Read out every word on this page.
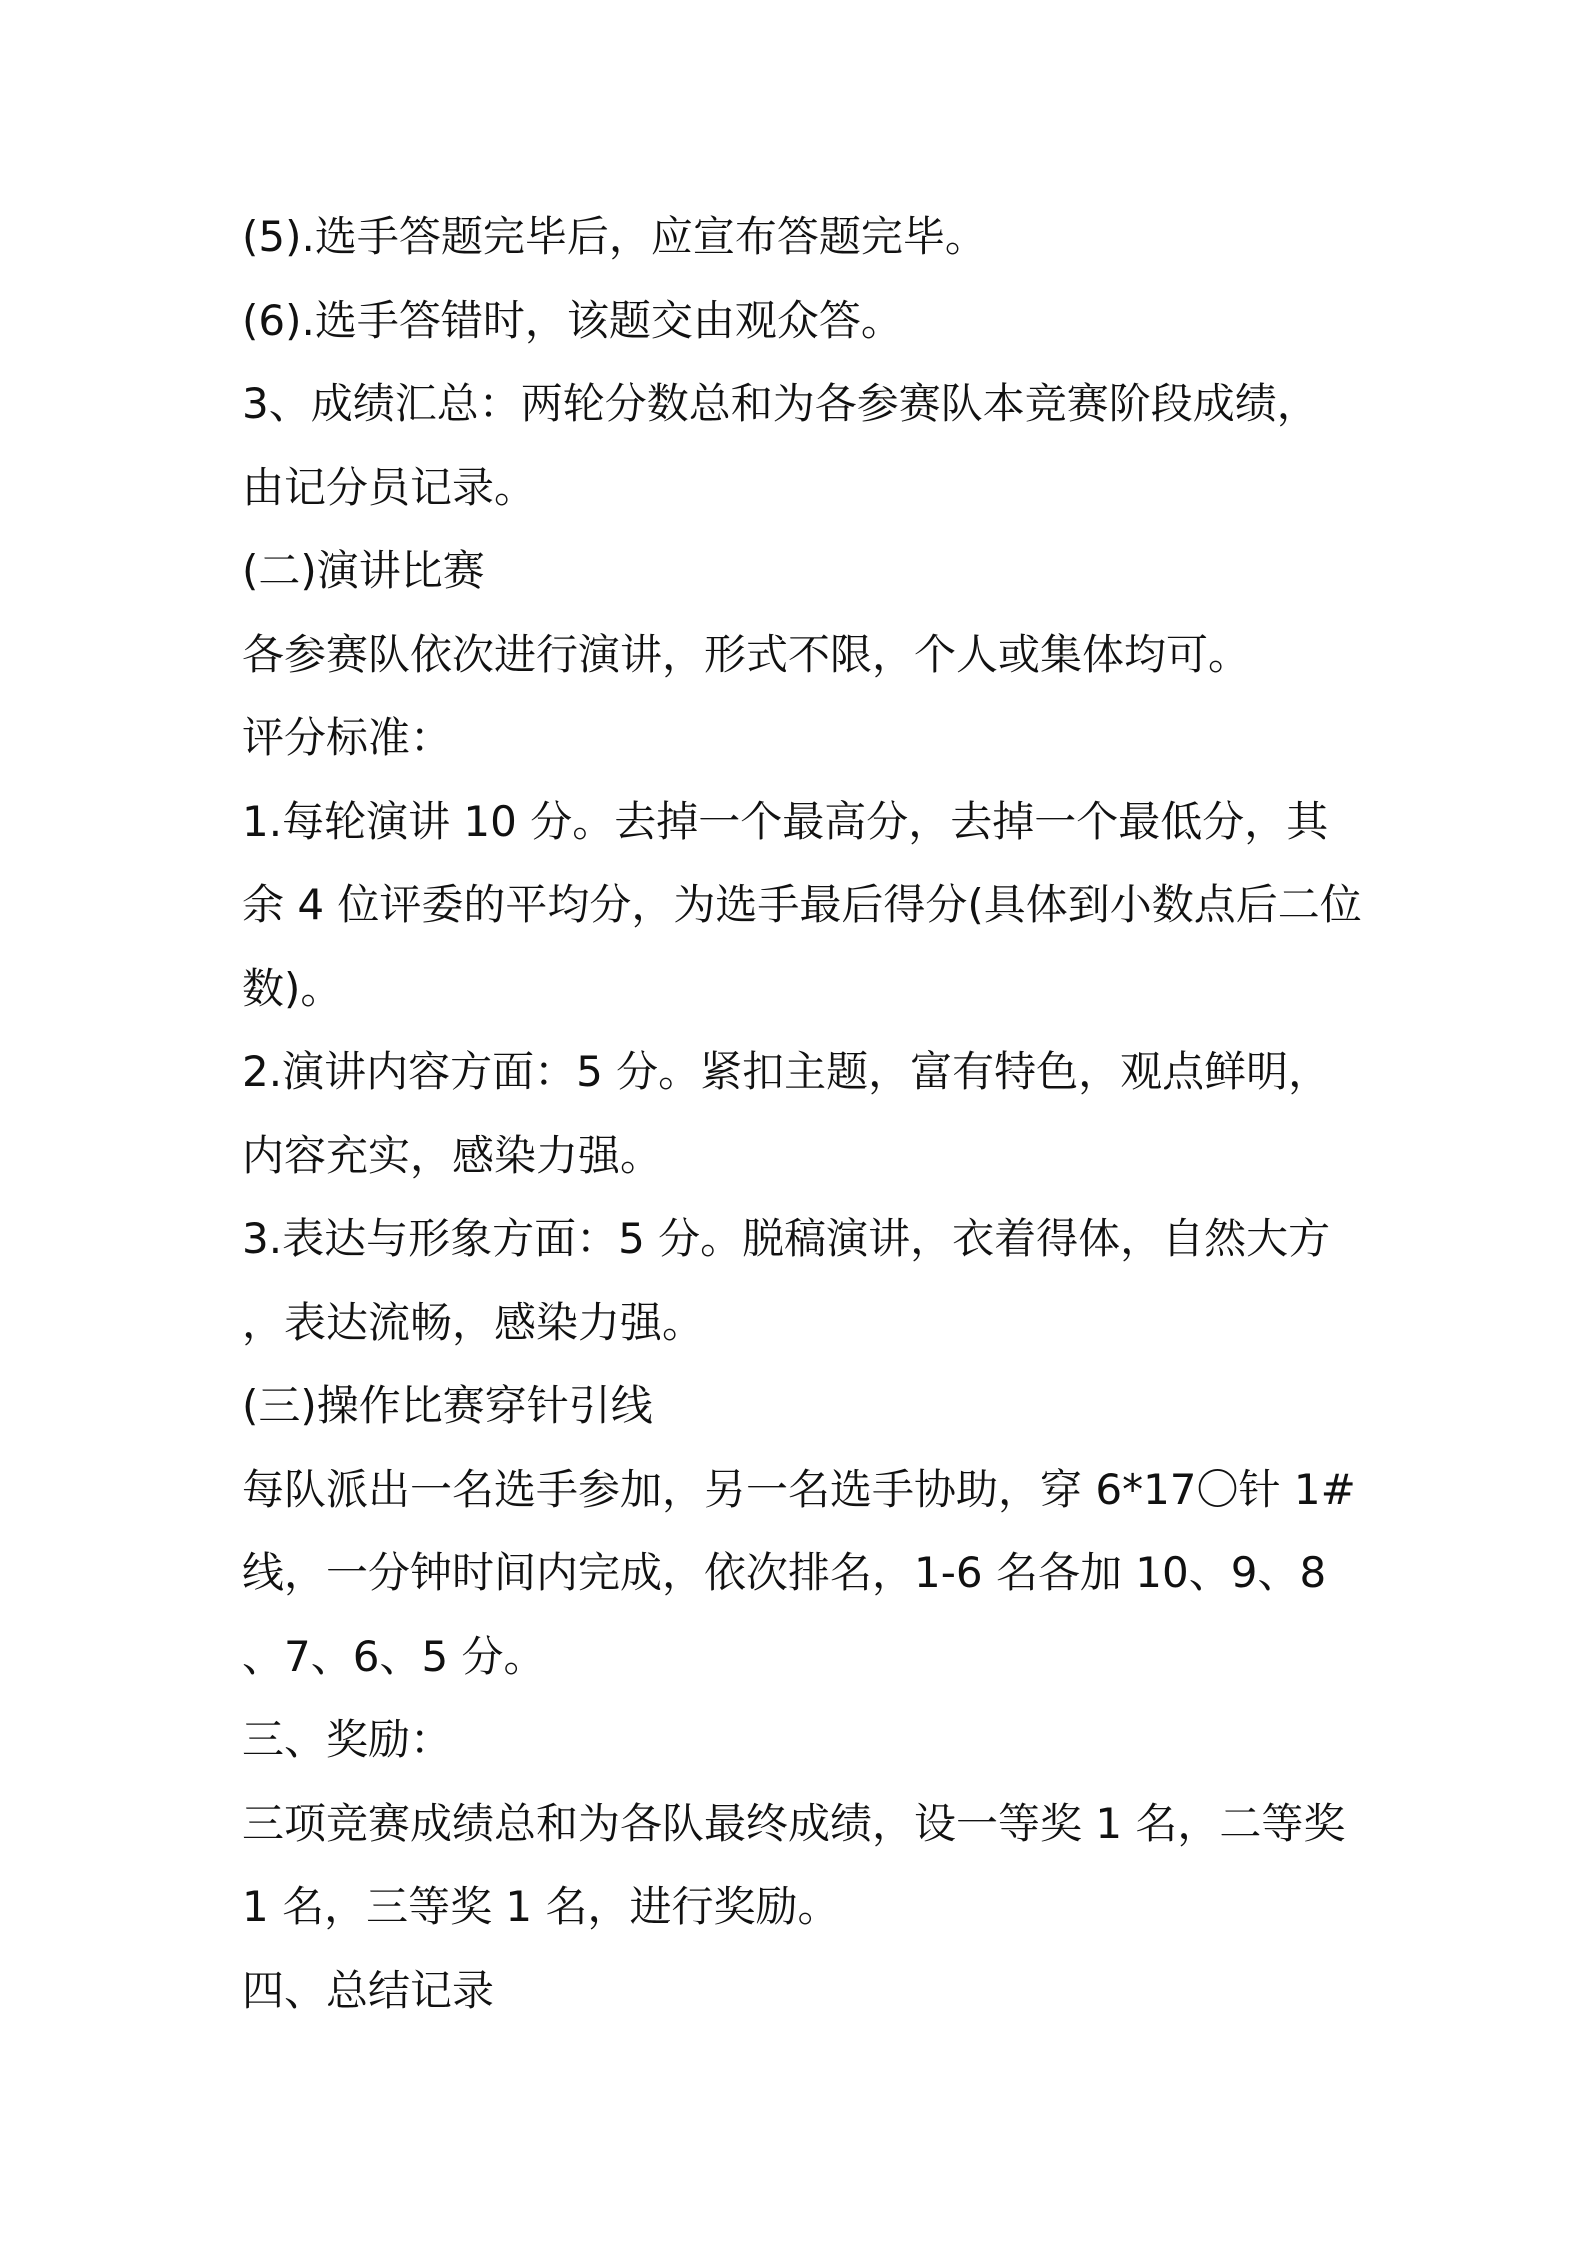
(5).选手答题完毕后，应宣布答题完毕。
(6).选手答错时，该题交由观众答。
3、成绩汇总：两轮分数总和为各参赛队本竞赛阶段成绩，
由记分员记录。
(二)演讲比赛
各参赛队依次进行演讲，形式不限，个人或集体均可。
评分标准：
1.每轮演讲 10 分。去掉一个最高分，去掉一个最低分，其
余 4 位评委的平均分，为选手最后得分(具体到小数点后二位
数)。
2.演讲内容方面：5 分。紧扣主题，富有特色，观点鲜明，
内容充实，感染力强。
3.表达与形象方面：5 分。脱稿演讲，衣着得体，自然大方
，表达流畅，感染力强。
(三)操作比赛穿针引线
每队派出一名选手参加，另一名选手协助，穿 6*17〇针 1#
线，一分钟时间内完成，依次排名，1-6 名各加 10、9、8
、7、6、5 分。
三、奖励：
三项竞赛成绩总和为各队最终成绩，设一等奖 1 名，二等奖
1 名，三等奖 1 名，进行奖励。
四、总结记录
